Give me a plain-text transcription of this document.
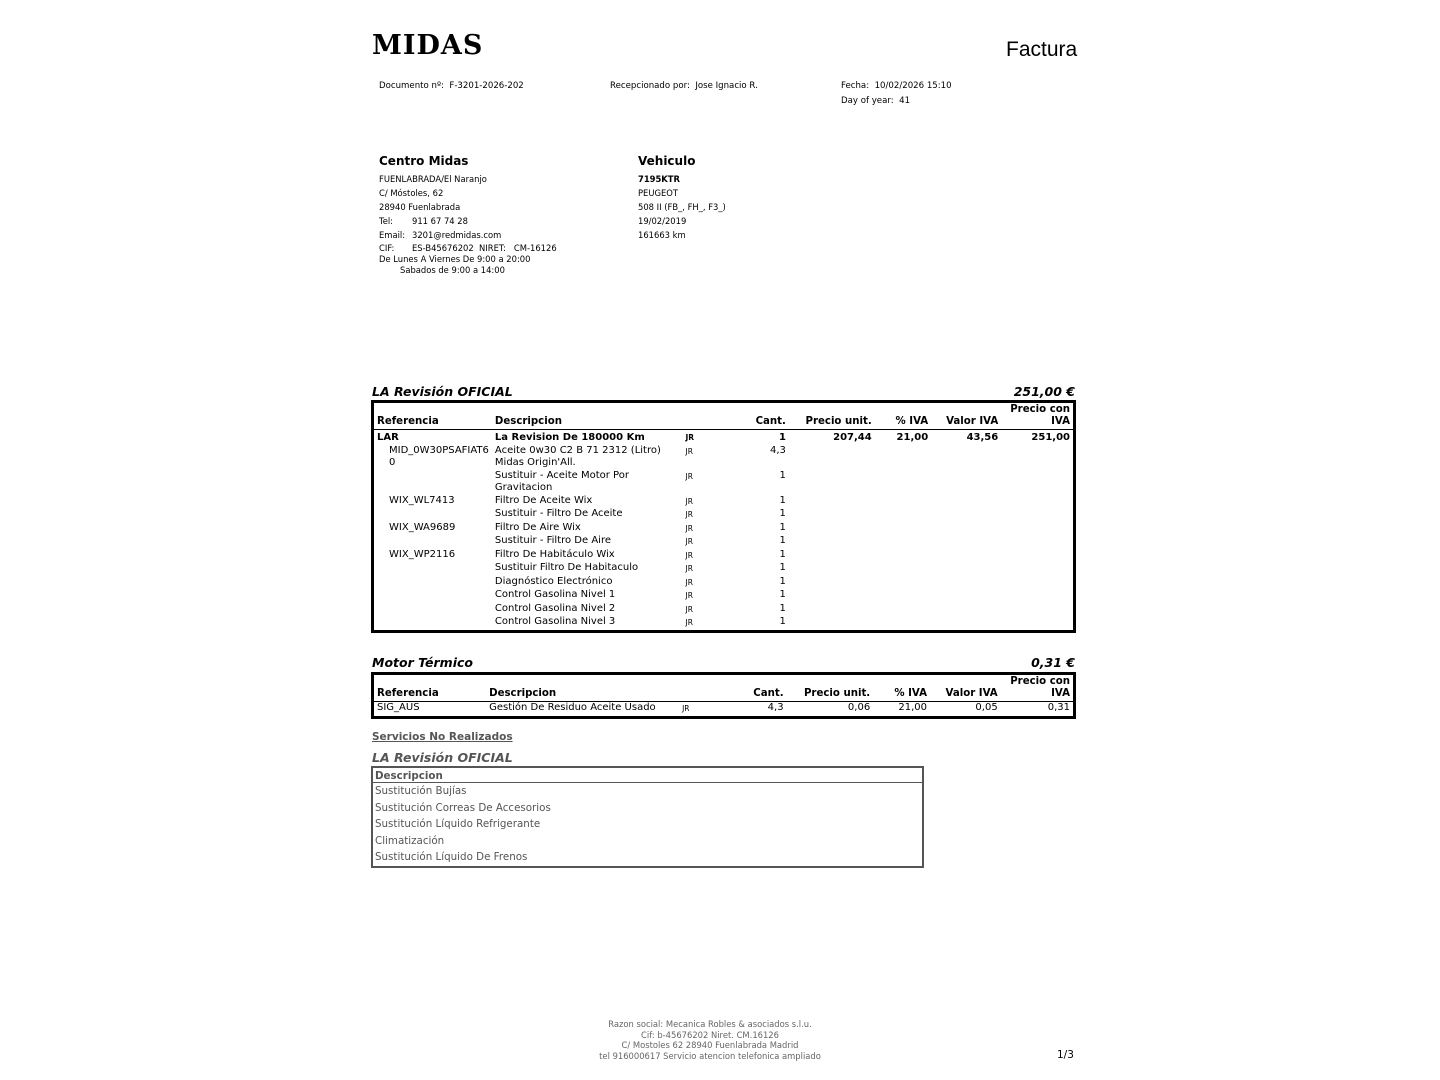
MIDAS	Factura
Documento nº: F-3201-2026-202	Recepcionado por: Jose Ignacio R.	Fecha: 10/02/2026 15:10
Day of year: 41
Centro Midas
FUENLABRADA/El Naranjo
C/ Móstoles, 62
28940 Fuenlabrada
Tel: 911 67 74 28
Email: 3201@redmidas.com
CIF: ES-B45676202 NIRET: CM-16126
De Lunes A Viernes De 9:00 a 20:00
Sabados de 9:00 a 14:00
Vehiculo
7195KTR
PEUGEOT
508 II (FB_, FH_, F3_)
19/02/2019
161663 km
LA Revisión OFICIAL	251,00 €
Referencia	Descripcion		Cant.	Precio unit.	% IVA	Valor IVA	Precio con
IVA
LAR	La Revision De 180000 Km	JR	1	207,44	21,00	43,56	251,00
MID_0W30PSAFIAT6 0	Aceite 0w30 C2 B 71 2312 (Litro) Midas Origin'All.	JR	4,3				
	Sustituir - Aceite Motor Por Gravitacion	JR	1				
WIX_WL7413	Filtro De Aceite Wix	JR	1				
	Sustituir - Filtro De Aceite	JR	1				
WIX_WA9689	Filtro De Aire Wix	JR	1				
	Sustituir - Filtro De Aire	JR	1				
WIX_WP2116	Filtro De Habitáculo Wix	JR	1				
	Sustituir Filtro De Habitaculo	JR	1				
	Diagnóstico Electrónico	JR	1				
	Control Gasolina Nivel 1	JR	1				
	Control Gasolina Nivel 2	JR	1				
	Control Gasolina Nivel 3	JR	1				
Motor Térmico	0,31 €
Referencia	Descripcion		Cant.	Precio unit.	% IVA	Valor IVA	Precio con
IVA
SIG_AUS	Gestión De Residuo Aceite Usado	JR	4,3	0,06	21,00	0,05	0,31
Servicios No Realizados
LA Revisión OFICIAL
Descripcion
Sustitución Bujías
Sustitución Correas De Accesorios
Sustitución Líquido Refrigerante
Climatización
Sustitución Líquido De Frenos
Razon social: Mecanica Robles & asociados s.l.u.
Cif: b-45676202 Niret. CM.16126
C/ Mostoles 62 28940 Fuenlabrada Madrid
tel 916000617 Servicio atencion telefonica ampliado	1/3
